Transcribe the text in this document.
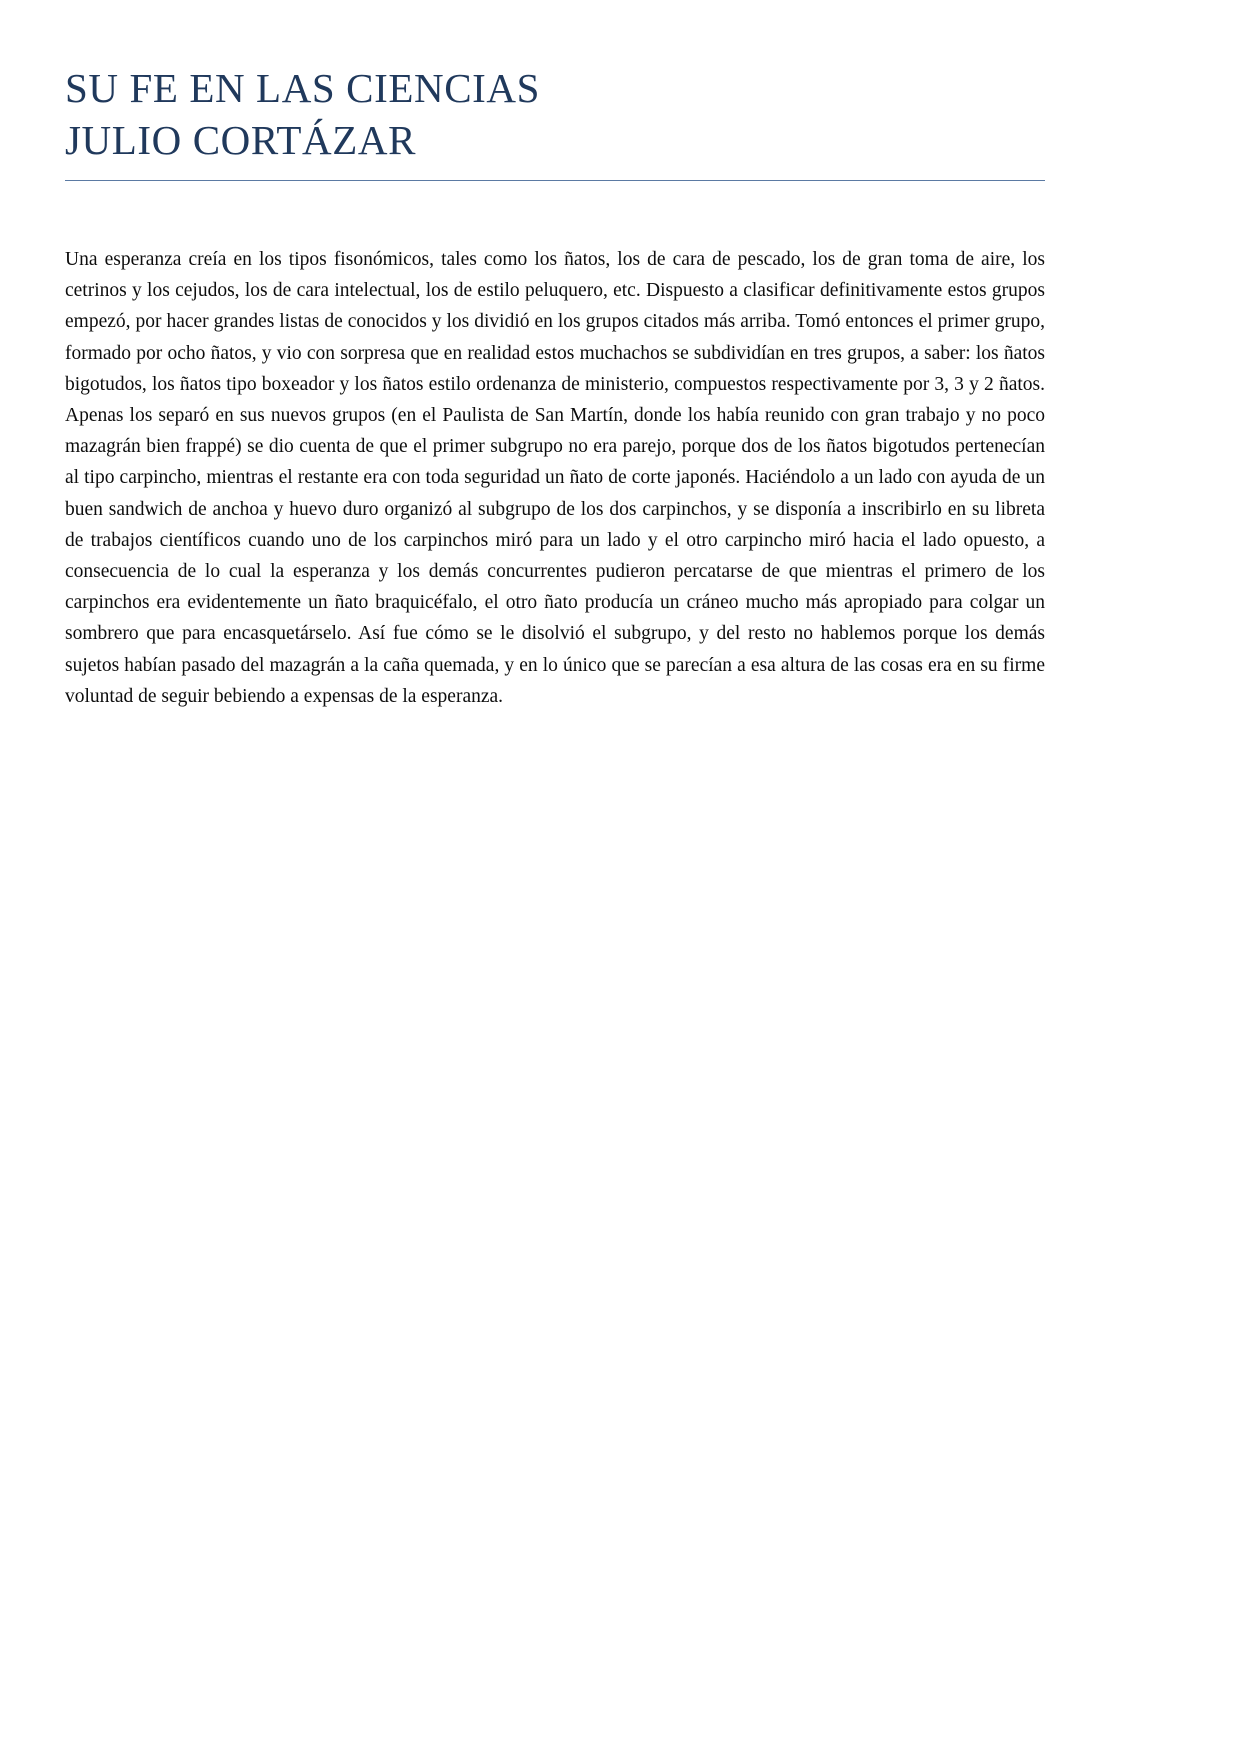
SU FE EN LAS CIENCIAS
JULIO CORTÁZAR

Una esperanza creía en los tipos fisonómicos, tales como los ñatos, los de cara de pescado, los de gran toma de aire, los cetrinos y los cejudos, los de cara intelectual, los de estilo peluquero, etc. Dispuesto a clasificar definitivamente estos grupos empezó, por hacer grandes listas de conocidos y los dividió en los grupos citados más arriba. Tomó entonces el primer grupo, formado por ocho ñatos, y vio con sorpresa que en realidad estos muchachos se subdividían en tres grupos, a saber: los ñatos bigotudos, los ñatos tipo boxeador y los ñatos estilo ordenanza de ministerio, compuestos respectivamente por 3, 3 y 2 ñatos. Apenas los separó en sus nuevos grupos (en el Paulista de San Martín, donde los había reunido con gran trabajo y no poco mazagrán bien frappé) se dio cuenta de que el primer subgrupo no era parejo, porque dos de los ñatos bigotudos pertenecían al tipo carpincho, mientras el restante era con toda seguridad un ñato de corte japonés. Haciéndolo a un lado con ayuda de un buen sandwich de anchoa y huevo duro organizó al subgrupo de los dos carpinchos, y se disponía a inscribirlo en su libreta de trabajos científicos cuando uno de los carpinchos miró para un lado y el otro carpincho miró hacia el lado opuesto, a consecuencia de lo cual la esperanza y los demás concurrentes pudieron percatarse de que mientras el primero de los carpinchos era evidentemente un ñato braquicéfalo, el otro ñato producía un cráneo mucho más apropiado para colgar un sombrero que para encasquetárselo. Así fue cómo se le disolvió el subgrupo, y del resto no hablemos porque los demás sujetos habían pasado del mazagrán a la caña quemada, y en lo único que se parecían a esa altura de las cosas era en su firme voluntad de seguir bebiendo a expensas de la esperanza.
